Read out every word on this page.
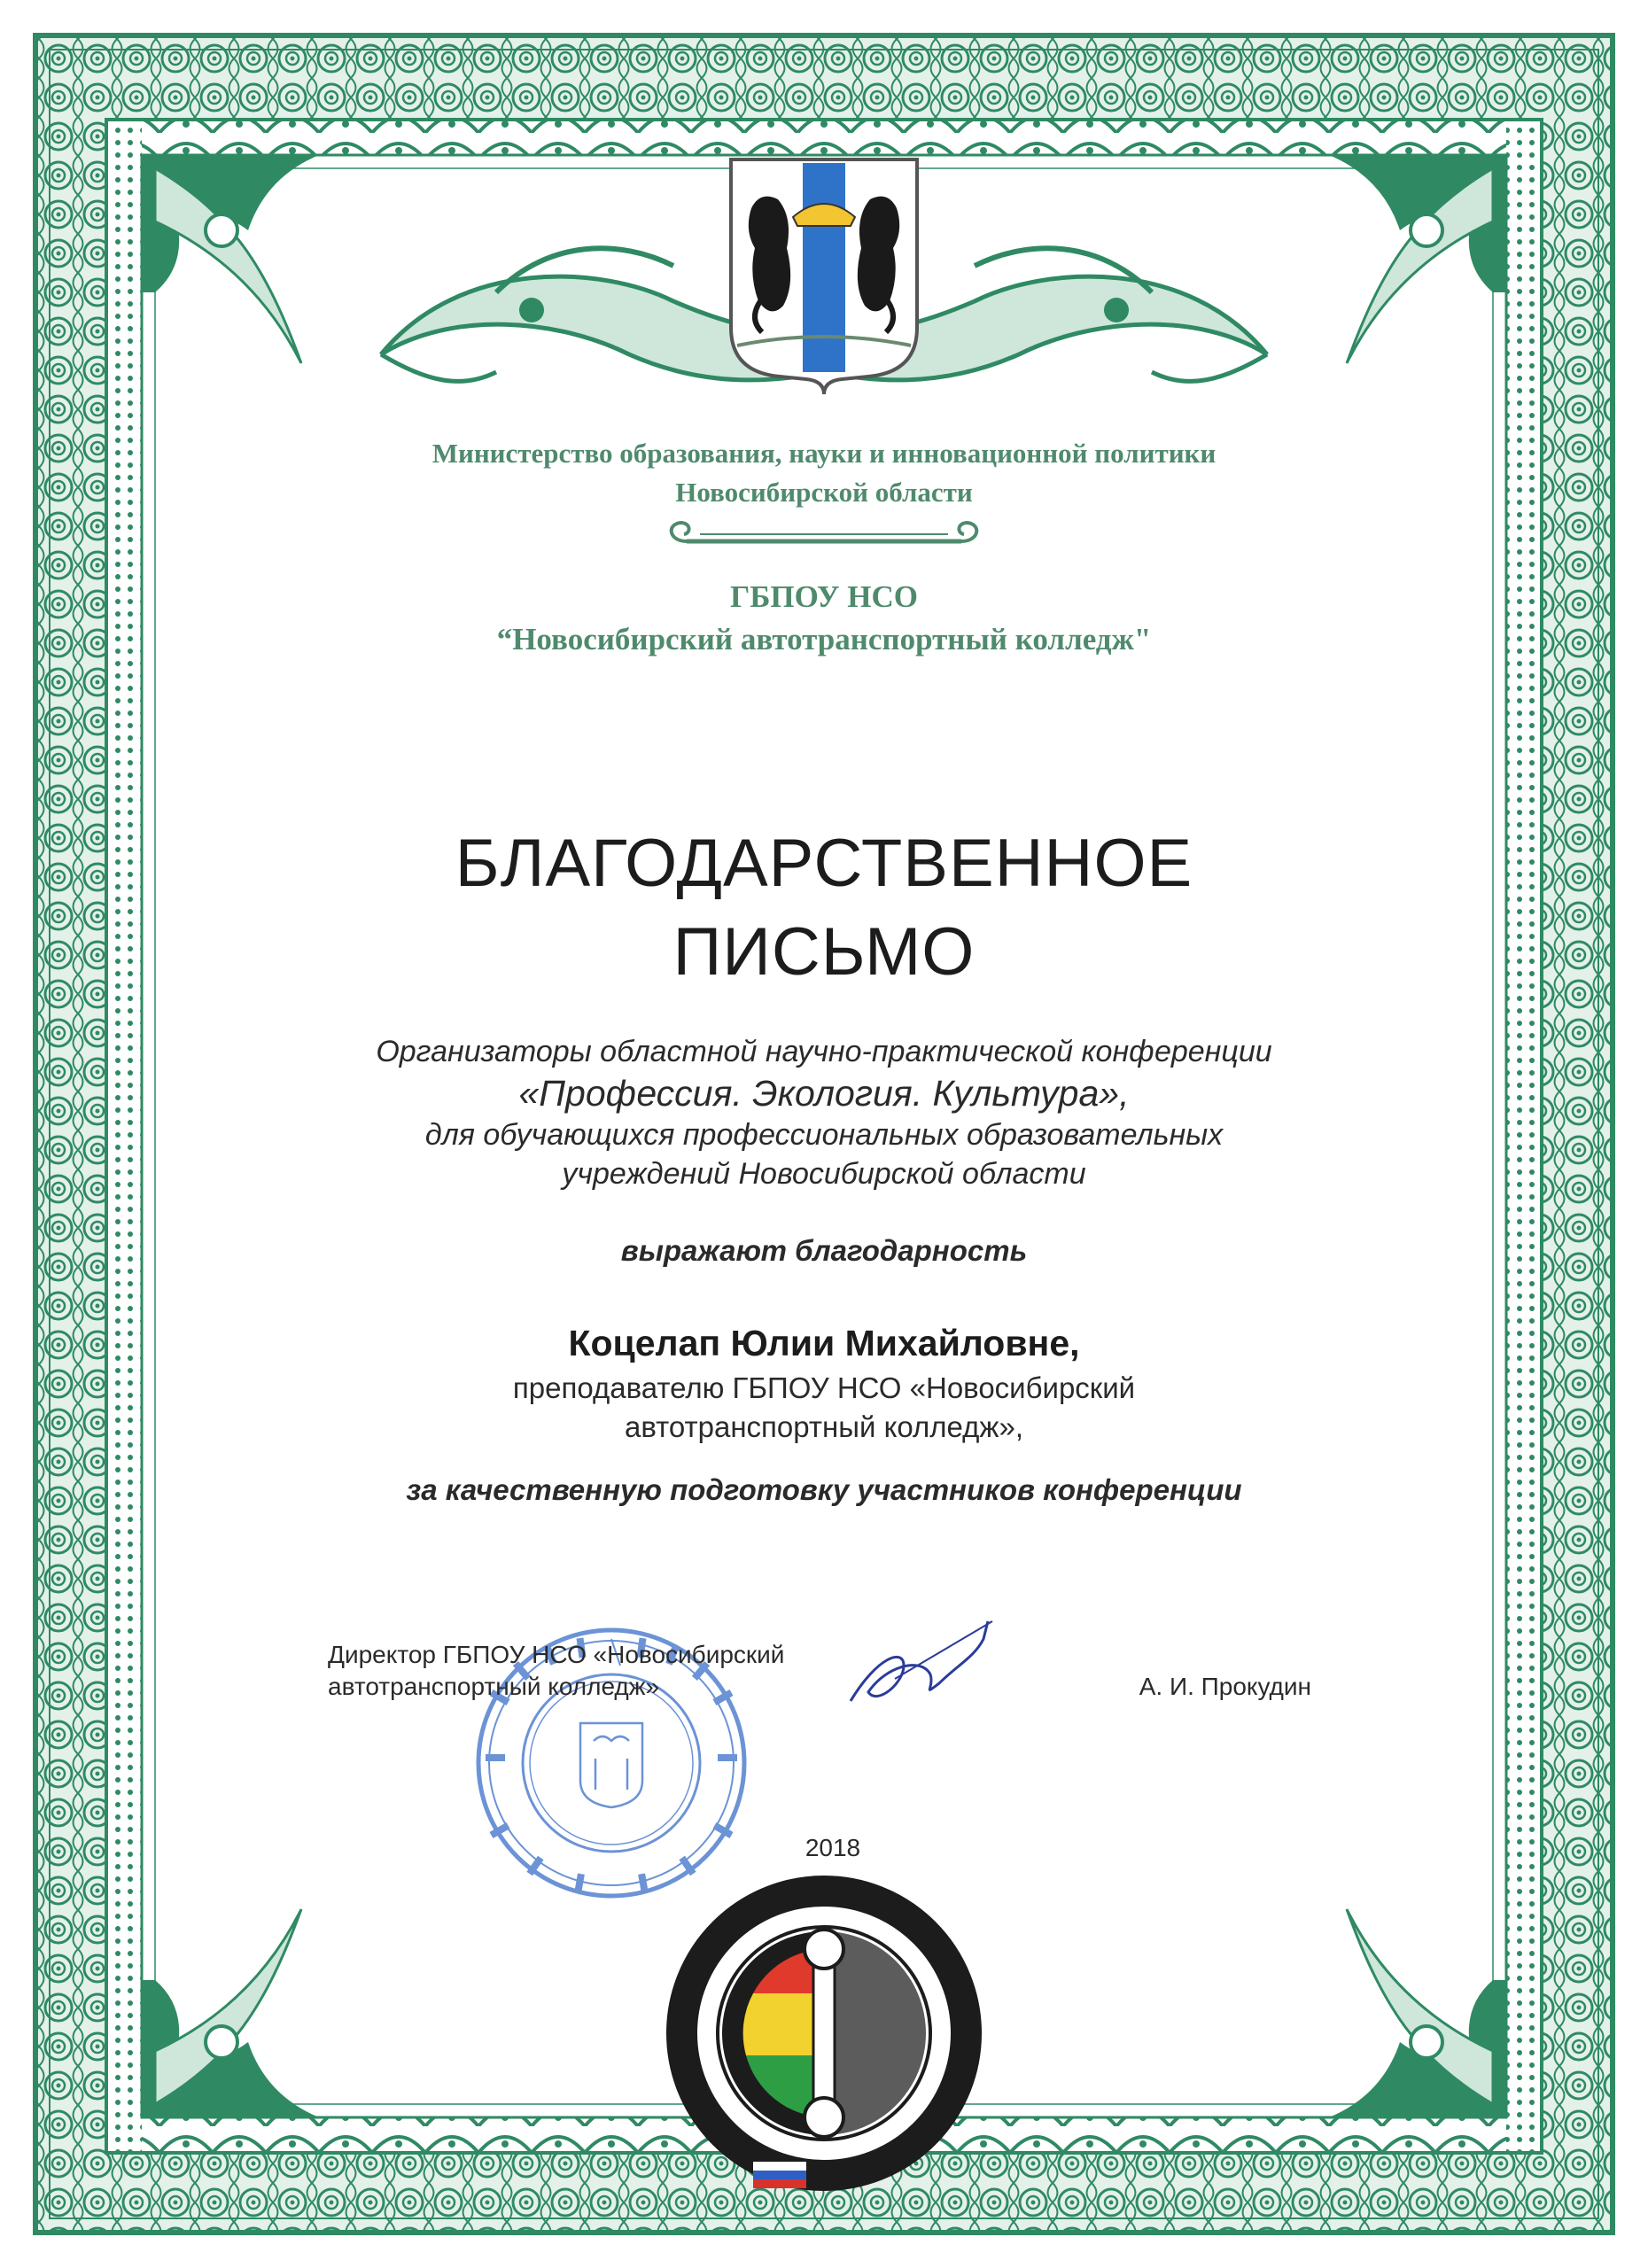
Министерство образования, науки и инновационной политики
Новосибирской области
ГБПОУ НСО
“Новосибирский автотранспортный колледж"
БЛАГОДАРСТВЕННОЕ
ПИСЬМО
Организаторы областной научно-практической конференции
«Профессия. Экология. Культура»,
для обучающихся профессиональных образовательных
учреждений Новосибирской области
выражают благодарность
Коцелап Юлии Михайловне,
преподавателю ГБПОУ НСО «Новосибирский
автотранспортный колледж»,
за качественную подготовку участников конференции
Директор ГБПОУ НСО «Новосибирский
автотранспортный колледж»	А. И. Прокудин
2018
